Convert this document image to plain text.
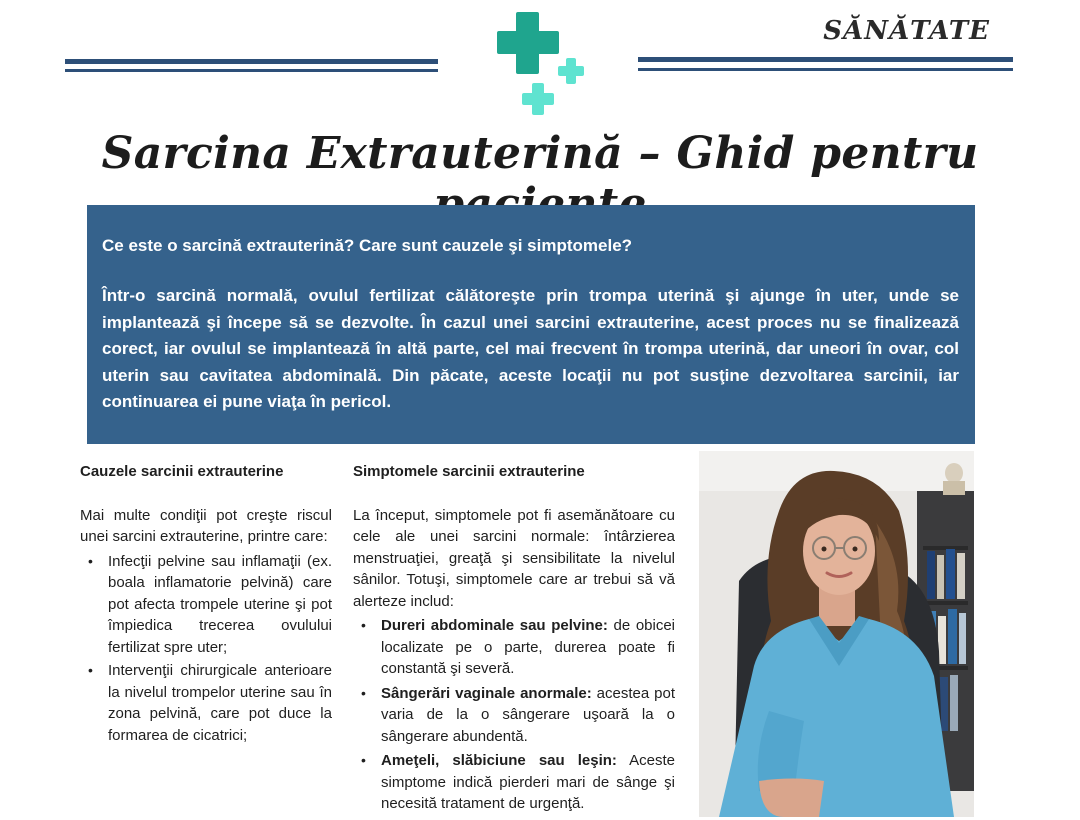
SĂNĂTATE
Sarcina Extrauterină – Ghid pentru

Ce este o sarcină extrauterină? Care sunt cauzele şi simptomele?

Într-o sarcină normală, ovulul fertilizat călătoreşte prin trompa uterină şi ajunge în uter, unde se implantează şi începe să se dezvolte. În cazul unei sarcini extrauterine, acest proces nu se finalizează corect, iar ovulul se implantează în altă parte, cel mai frecvent în trompa uterină, dar uneori în ovar, col uterin sau cavitatea abdominală. Din păcate, aceste locaţii nu pot susţine dezvoltarea sarcinii, iar continuarea ei pune viaţa în pericol.

Cauzele sarcinii extrauterine

Mai multe condiţii pot creşte riscul unei sarcini extrauterine, printre care:

• Infecţii pelvine sau inflamaţii (ex. boala inflamatorie pelvină) care pot afecta trompele uterine şi pot împiedica trecerea ovulului fertilizat spre uter;
• Intervenţii chirurgicale anterioare la nivelul trompelor uterine sau în zona pelvină, care pot duce la formarea de cicatrici;
Simptomele sarcinii extrauterine

La început, simptomele pot fi asemănătoare cu cele ale unei sarcini normale: întârzierea menstruaţiei, greaţă şi sensibilitate la nivelul sânilor. Totuşi, simptomele care ar trebui să vă alerteze includ:

• Dureri abdominale sau pelvine: de obicei localizate pe o parte, durerea poate fi constantă şi severă.
• Sângerări vaginale anormale: acestea pot varia de la o sângerare uşoară la o sângerare abundentă.
• Ameţeli, slăbiciune sau leşin: Aceste simptome indică pierderi mari de sânge şi necesită tratament de urgenţă.
